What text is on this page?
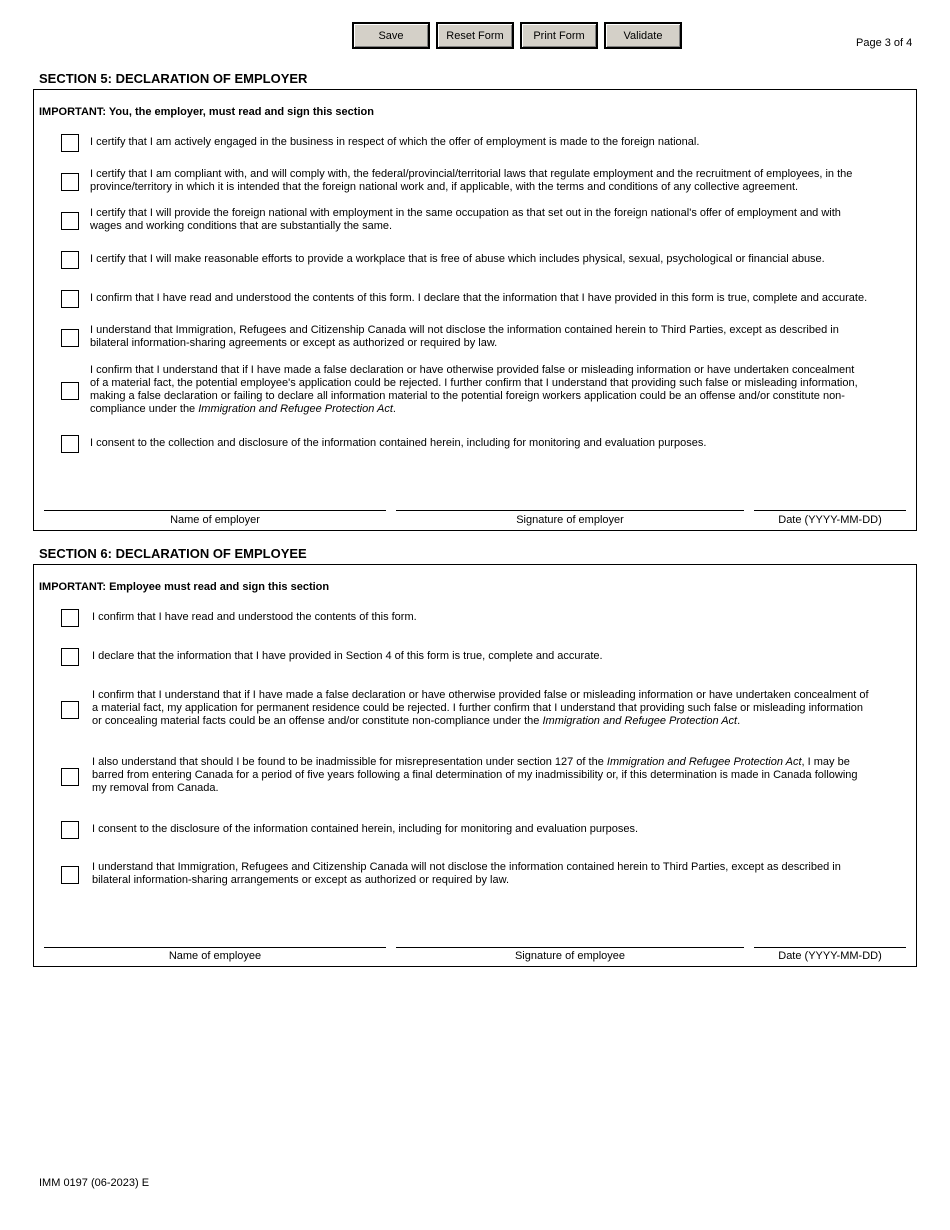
Save	Reset Form	Print Form	Validate
Page 3 of 4
SECTION 5: DECLARATION OF EMPLOYER
IMPORTANT: You, the employer, must read and sign this section
I certify that I am actively engaged in the business in respect of which the offer of employment is made to the foreign national.
I certify that I am compliant with, and will comply with, the federal/provincial/territorial laws that regulate employment and the recruitment of employees, in the province/territory in which it is intended that the foreign national work and, if applicable, with the terms and conditions of any collective agreement.
I certify that I will provide the foreign national with employment in the same occupation as that set out in the foreign national's offer of employment and with wages and working conditions that are substantially the same.
I certify that I will make reasonable efforts to provide a workplace that is free of abuse which includes physical, sexual, psychological or financial abuse.
I confirm that I have read and understood the contents of this form. I declare that the information that I have provided in this form is true, complete and accurate.
I understand that Immigration, Refugees and Citizenship Canada will not disclose the information contained herein to Third Parties, except as described in bilateral information-sharing agreements or except as authorized or required by law.
I confirm that I understand that if I have made a false declaration or have otherwise provided false or misleading information or have undertaken concealment of a material fact, the potential employee's application could be rejected. I further confirm that I understand that providing such false or misleading information, making a false declaration or failing to declare all information material to the potential foreign workers application could be an offense and/or constitute non-compliance under the Immigration and Refugee Protection Act.
I consent to the collection and disclosure of the information contained herein, including for monitoring and evaluation purposes.
Name of employer	Signature of employer	Date (YYYY-MM-DD)
SECTION 6: DECLARATION OF EMPLOYEE
IMPORTANT: Employee must read and sign this section
I confirm that I have read and understood the contents of this form.
I declare that the information that I have provided in Section 4 of this form is true, complete and accurate.
I confirm that I understand that if I have made a false declaration or have otherwise provided false or misleading information or have undertaken concealment of a material fact, my application for permanent residence could be rejected. I further confirm that I understand that providing such false or misleading information or concealing material facts could be an offense and/or constitute non-compliance under the Immigration and Refugee Protection Act.
I also understand that should I be found to be inadmissible for misrepresentation under section 127 of the Immigration and Refugee Protection Act, I may be barred from entering Canada for a period of five years following a final determination of my inadmissibility or, if this determination is made in Canada following my removal from Canada.
I consent to the disclosure of the information contained herein, including for monitoring and evaluation purposes.
I understand that Immigration, Refugees and Citizenship Canada will not disclose the information contained herein to Third Parties, except as described in bilateral information-sharing arrangements or except as authorized or required by law.
Name of employee	Signature of employee	Date (YYYY-MM-DD)
IMM 0197 (06-2023) E
